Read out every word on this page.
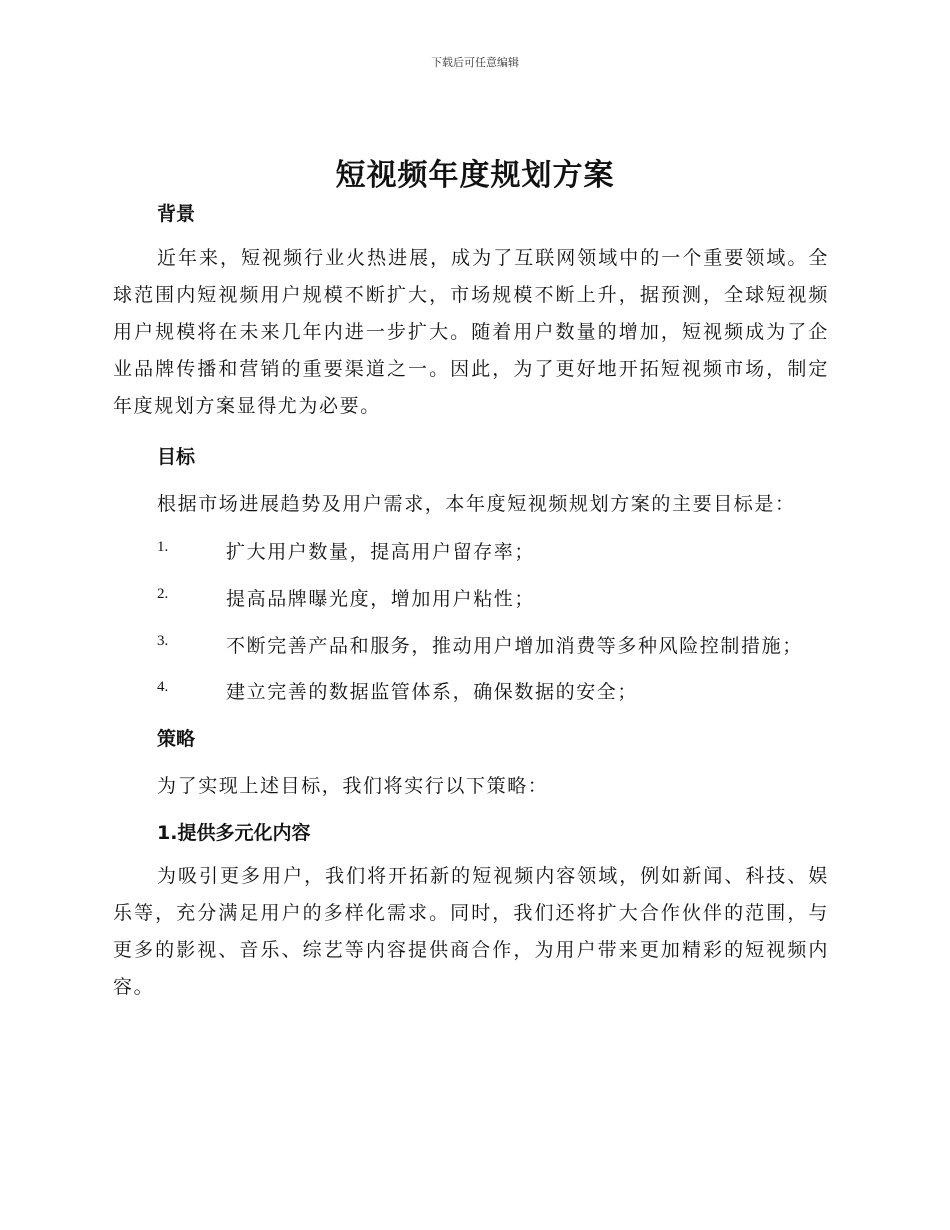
下载后可任意编辑
短视频年度规划方案
背景

近年来，短视频行业火热进展，成为了互联网领域中的一个重要领域。全球范围内短视频用户规模不断扩大，市场规模不断上升，据预测，全球短视频用户规模将在未来几年内进一步扩大。随着用户数量的增加，短视频成为了企业品牌传播和营销的重要渠道之一。因此，为了更好地开拓短视频市场，制定年度规划方案显得尤为必要。

目标

根据市场进展趋势及用户需求，本年度短视频规划方案的主要目标是：

1.	扩大用户数量，提高用户留存率；
2.	提高品牌曝光度，增加用户粘性；
3.	不断完善产品和服务，推动用户增加消费等多种风险控制措施；
4.	建立完善的数据监管体系，确保数据的安全；
策略

为了实现上述目标，我们将实行以下策略：

1.提供多元化内容

为吸引更多用户，我们将开拓新的短视频内容领域，例如新闻、科技、娱乐等，充分满足用户的多样化需求。同时，我们还将扩大合作伙伴的范围，与更多的影视、音乐、综艺等内容提供商合作，为用户带来更加精彩的短视频内容。
